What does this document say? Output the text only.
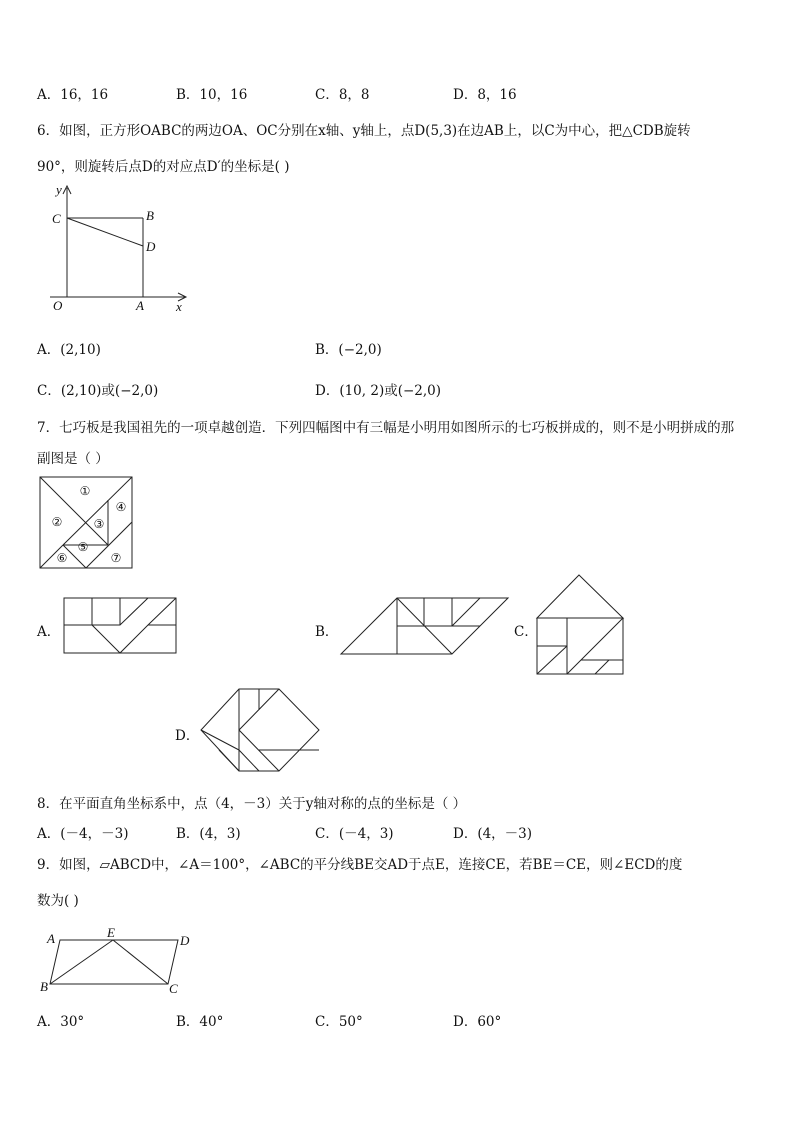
A．16，16	B．10，16	C．8，8	D．8，16
6．如图，正方形OABC的两边OA、OC分别在x轴、y轴上，点D(5,3)在边AB上，以C为中心，把△CDB旋转
90°，则旋转后点D的对应点D′的坐标是( )
y
C	B
D
O	A x
A．(2,10)	B．(−2,0)
C．(2,10)或(−2,0)	D．(10, 2)或(−2,0)
7．七巧板是我国祖先的一项卓越创造．下列四幅图中有三幅是小明用如图所示的七巧板拼成的，则不是小明拼成的那
副图是（ ）
①
②	③
④
⑤
⑥	⑦
A．	B．	C．
D．
8．在平面直角坐标系中，点（4，－3）关于y轴对称的点的坐标是（ ）
A．(－4，－3)	B．(4，3)	C．(－4，3)	D．(4，－3)
9．如图，▱ABCD中，∠A＝100°，∠ABC的平分线BE交AD于点E，连接CE，若BE＝CE，则∠ECD的度
数为( )
A	E
D
B	C
A．30°	B．40°	C．50°	D．60°
